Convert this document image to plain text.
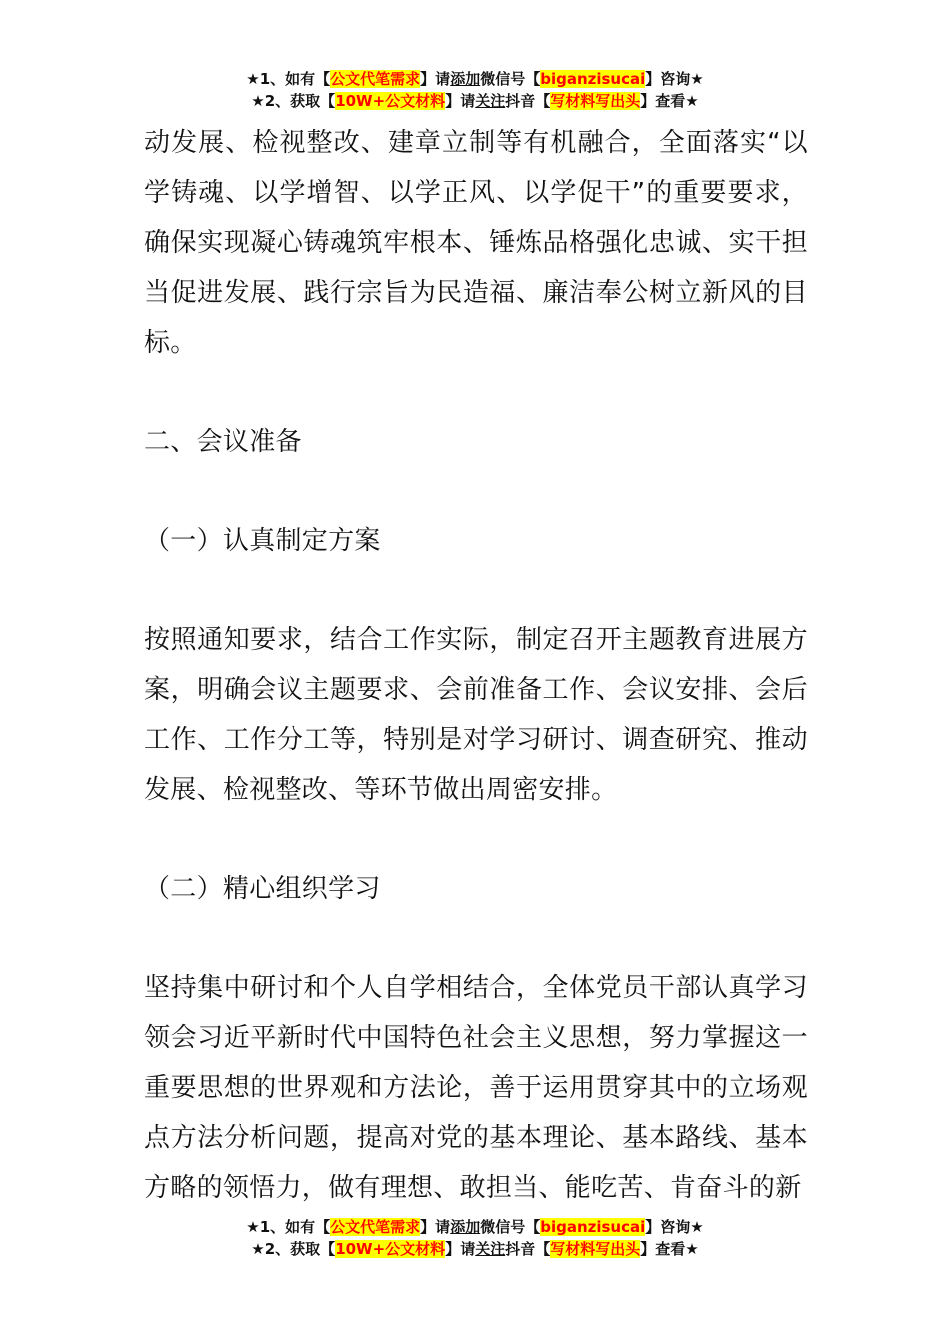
★1、如有【公文代笔需求】请添加微信号【biganzisucai】咨询★
★2、获取【10W+公文材料】请关注抖音【写材料写出头】查看★

动发展、检视整改、建章立制等有机融合，全面落实“以学铸魂、以学增智、以学正风、以学促干”的重要要求，确保实现凝心铸魂筑牢根本、锤炼品格强化忠诚、实干担当促进发展、践行宗旨为民造福、廉洁奉公树立新风的目标。

二、会议准备

（一）认真制定方案

按照通知要求，结合工作实际，制定召开主题教育进展方案，明确会议主题要求、会前准备工作、会议安排、会后工作、工作分工等，特别是对学习研讨、调查研究、推动发展、检视整改、等环节做出周密安排。

（二）精心组织学习

坚持集中研讨和个人自学相结合，全体党员干部认真学习领会习近平新时代中国特色社会主义思想，努力掌握这一重要思想的世界观和方法论，善于运用贯穿其中的立场观点方法分析问题，提高对党的基本理论、基本路线、基本方略的领悟力，做有理想、敢担当、能吃苦、肯奋斗的新

★1、如有【公文代笔需求】请添加微信号【biganzisucai】咨询★
★2、获取【10W+公文材料】请关注抖音【写材料写出头】查看★
